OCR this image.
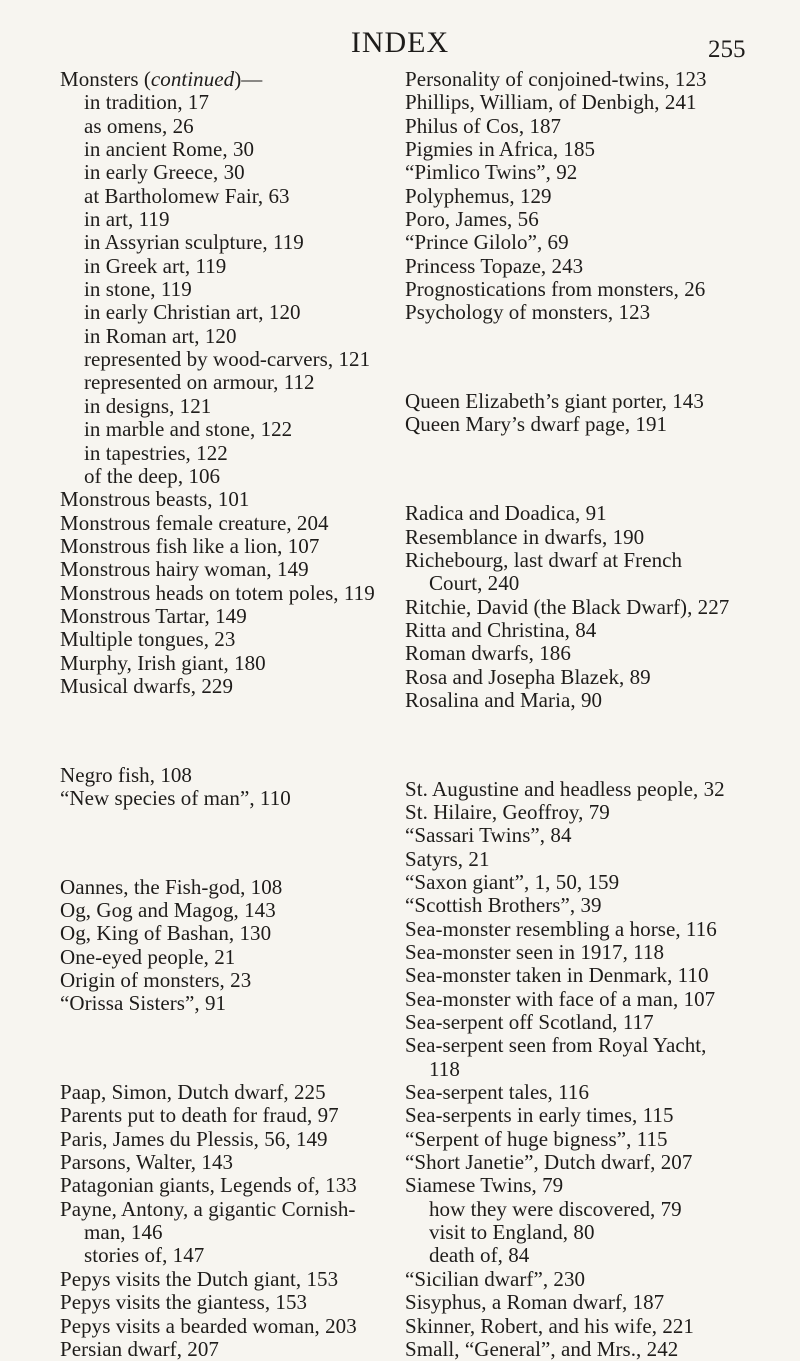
INDEX	255

Monsters (continued)—

in tradition, 17

as omens, 26

in ancient Rome, 30

in early Greece, 30

at Bartholomew Fair, 63

in art, 119

in Assyrian sculpture, 119

in Greek art, 119

in stone, 119

in early Christian art, 120

in Roman art, 120

represented by wood-carvers, 121

represented on armour, 112

in designs, 121

in marble and stone, 122

in tapestries, 122

of the deep, 106

Monstrous beasts, 101

Monstrous female creature, 204

Monstrous fish like a lion, 107

Monstrous hairy woman, 149

Monstrous heads on totem poles, 119

Monstrous Tartar, 149

Multiple tongues, 23

Murphy, Irish giant, 180

Musical dwarfs, 229

Negro fish, 108

“New species of man”, 110

Oannes, the Fish-god, 108

Og, Gog and Magog, 143

Og, King of Bashan, 130

One-eyed people, 21

Origin of monsters, 23

“Orissa Sisters”, 91

Paap, Simon, Dutch dwarf, 225

Parents put to death for fraud, 97

Paris, James du Plessis, 56, 149

Parsons, Walter, 143

Patagonian giants, Legends of, 133

Payne, Antony, a gigantic Cornish-

man, 146

stories of, 147

Pepys visits the Dutch giant, 153

Pepys visits the giantess, 153

Pepys visits a bearded woman, 203

Persian dwarf, 207

Personality of conjoined-twins, 123

Phillips, William, of Denbigh, 241

Philus of Cos, 187

Pigmies in Africa, 185

“Pimlico Twins”, 92

Polyphemus, 129

Poro, James, 56

“Prince Gilolo”, 69

Princess Topaze, 243

Prognostications from monsters, 26

Psychology of monsters, 123

Queen Elizabeth’s giant porter, 143

Queen Mary’s dwarf page, 191

Radica and Doadica, 91

Resemblance in dwarfs, 190

Richebourg, last dwarf at French

Court, 240

Ritchie, David (the Black Dwarf), 227

Ritta and Christina, 84

Roman dwarfs, 186

Rosa and Josepha Blazek, 89

Rosalina and Maria, 90

St. Augustine and headless people, 32

St. Hilaire, Geoffroy, 79

“Sassari Twins”, 84

Satyrs, 21

“Saxon giant”, 1, 50, 159

“Scottish Brothers”, 39

Sea-monster resembling a horse, 116

Sea-monster seen in 1917, 118

Sea-monster taken in Denmark, 110

Sea-monster with face of a man, 107

Sea-serpent off Scotland, 117

Sea-serpent seen from Royal Yacht,

118

Sea-serpent tales, 116

Sea-serpents in early times, 115

“Serpent of huge bigness”, 115

“Short Janetie”, Dutch dwarf, 207

Siamese Twins, 79

how they were discovered, 79

visit to England, 80

death of, 84

“Sicilian dwarf”, 230

Sisyphus, a Roman dwarf, 187

Skinner, Robert, and his wife, 221

Small, “General”, and Mrs., 242
